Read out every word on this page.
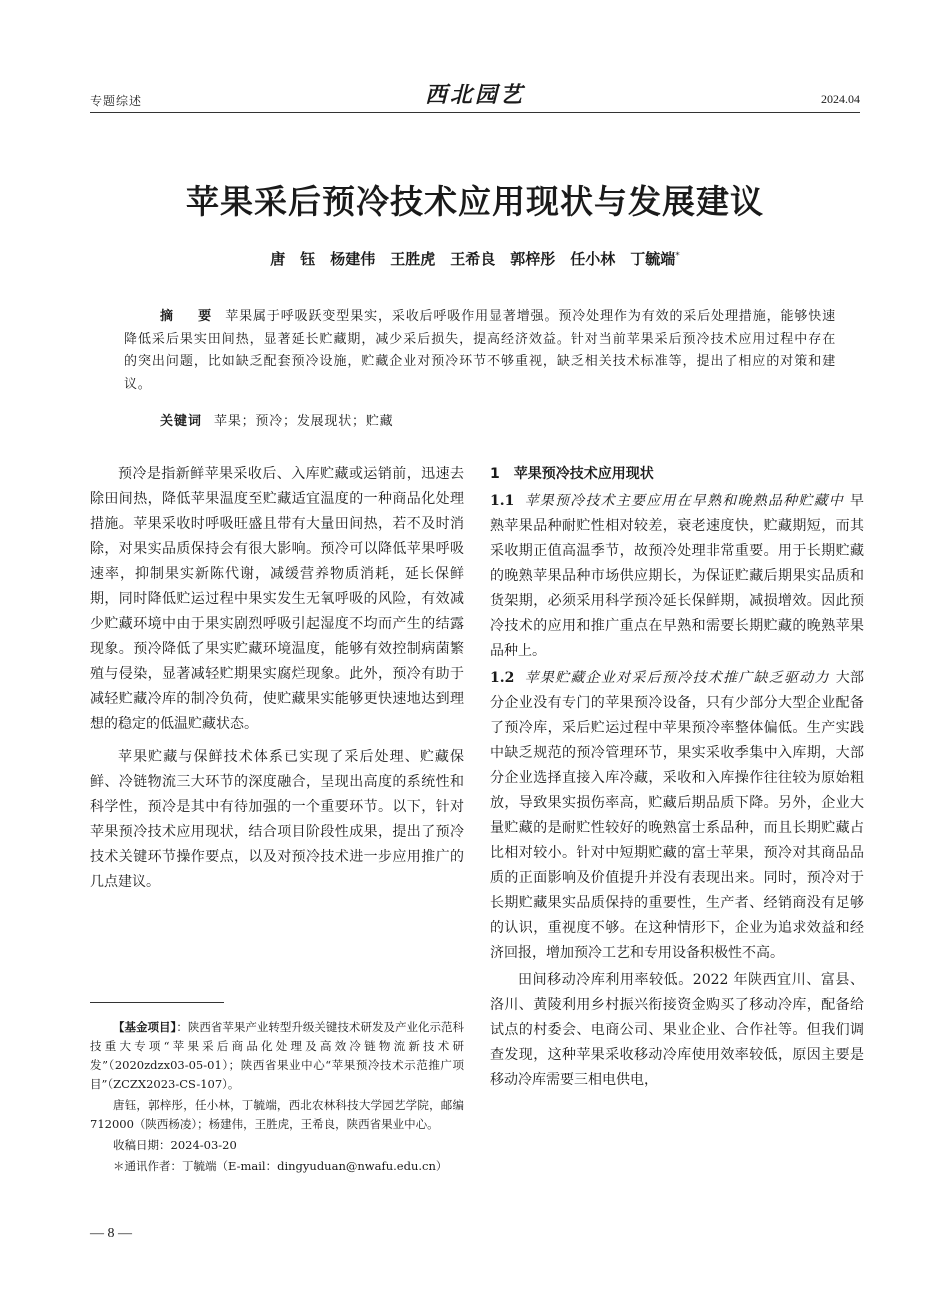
专题综述	西北园艺	2024.04
苹果采后预冷技术应用现状与发展建议
唐　钰　杨建伟　王胜虎　王希良　郭梓彤　任小林　丁毓端*
摘　要 苹果属于呼吸跃变型果实，采收后呼吸作用显著增强。预冷处理作为有效的采后处理措施，能够快速降低采后果实田间热，显著延长贮藏期，减少采后损失，提高经济效益。针对当前苹果采后预冷技术应用过程中存在的突出问题，比如缺乏配套预冷设施，贮藏企业对预冷环节不够重视，缺乏相关技术标准等，提出了相应的对策和建议。
关键词 苹果；预冷；发展现状；贮藏

预冷是指新鲜苹果采收后、入库贮藏或运销前，迅速去除田间热，降低苹果温度至贮藏适宜温度的一种商品化处理措施。苹果采收时呼吸旺盛且带有大量田间热，若不及时消除，对果实品质保持会有很大影响。预冷可以降低苹果呼吸速率，抑制果实新陈代谢，减缓营养物质消耗，延长保鲜期，同时降低贮运过程中果实发生无氧呼吸的风险，有效减少贮藏环境中由于果实剧烈呼吸引起湿度不均而产生的结露现象。预冷降低了果实贮藏环境温度，能够有效控制病菌繁殖与侵染，显著减轻贮期果实腐烂现象。此外，预冷有助于减轻贮藏冷库的制冷负荷，使贮藏果实能够更快速地达到理想的稳定的低温贮藏状态。

苹果贮藏与保鲜技术体系已实现了采后处理、贮藏保鲜、冷链物流三大环节的深度融合，呈现出高度的系统性和科学性，预冷是其中有待加强的一个重要环节。以下，针对苹果预冷技术应用现状，结合项目阶段性成果，提出了预冷技术关键环节操作要点，以及对预冷技术进一步应用推广的几点建议。

1　苹果预冷技术应用现状
1.1 苹果预冷技术主要应用在早熟和晚熟品种贮藏中 早熟苹果品种耐贮性相对较差，衰老速度快，贮藏期短，而其采收期正值高温季节，故预冷处理非常重要。用于长期贮藏的晚熟苹果品种市场供应期长，为保证贮藏后期果实品质和货架期，必须采用科学预冷延长保鲜期，减损增效。因此预冷技术的应用和推广重点在早熟和需要长期贮藏的晚熟苹果品种上。
1.2 苹果贮藏企业对采后预冷技术推广缺乏驱动力 大部分企业没有专门的苹果预冷设备，只有少部分大型企业配备了预冷库，采后贮运过程中苹果预冷率整体偏低。生产实践中缺乏规范的预冷管理环节，果实采收季集中入库期，大部分企业选择直接入库冷藏，采收和入库操作往往较为原始粗放，导致果实损伤率高，贮藏后期品质下降。另外，企业大量贮藏的是耐贮性较好的晚熟富士系品种，而且长期贮藏占比相对较小。针对中短期贮藏的富士苹果，预冷对其商品品质的正面影响及价值提升并没有表现出来。同时，预冷对于长期贮藏果实品质保持的重要性，生产者、经销商没有足够的认识，重视度不够。在这种情形下，企业为追求效益和经济回报，增加预冷工艺和专用设备积极性不高。

田间移动冷库利用率较低。2022 年陕西宜川、富县、洛川、黄陵利用乡村振兴衔接资金购买了移动冷库，配备给试点的村委会、电商公司、果业企业、合作社等。但我们调查发现，这种苹果采收移动冷库使用效率较低，原因主要是移动冷库需要三相电供电，

【基金项目】：陕西省苹果产业转型升级关键技术研发及产业化示范科技重大专项“苹果采后商品化处理及高效冷链物流新技术研发”（2020zdzx03-05-01）；陕西省果业中心“苹果预冷技术示范推广项目”（ZCZX2023-CS-107）。

唐钰，郭梓彤，任小林，丁毓端，西北农林科技大学园艺学院，邮编 712000（陕西杨凌）；杨建伟，王胜虎，王希良，陕西省果业中心。

收稿日期：2024-03-20

＊通讯作者：丁毓端（E-mail：dingyuduan@nwafu.edu.cn）

— 8 —
